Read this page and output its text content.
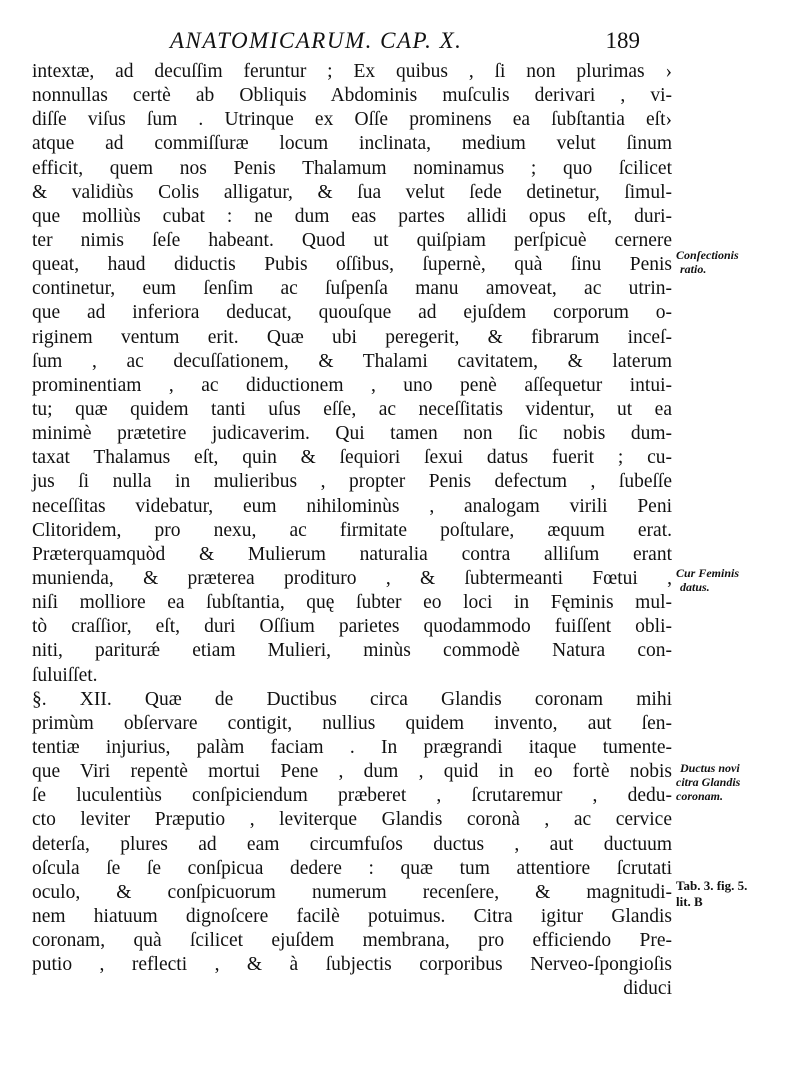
ANATOMICARUM. CAP. X.	189
intextæ, ad decuſſim feruntur ; Ex quibus , ſi non plurimas ›
nonnullas certè ab Obliquis Abdominis muſculis derivari , vi-
diſſe viſus ſum . Utrinque ex Oſſe prominens ea ſubſtantia eſt›
atque ad commiſſuræ locum inclinata, medium velut ſinum
efficit, quem nos Penis Thalamum nominamus ; quo ſcilicet
& validiùs Colis alligatur, & ſua velut ſede detinetur, ſimul-
que molliùs cubat : ne dum eas partes allidi opus eſt, duri-
ter nimis ſeſe habeant. Quod ut quiſpiam perſpicuè cernere
queat, haud diductis Pubis oſſibus, ſupernè, quà ſinu Penis
continetur, eum ſenſim ac ſuſpenſa manu amoveat, ac utrin-
que ad inferiora deducat, quouſque ad ejuſdem corporum o-
riginem ventum erit. Quæ ubi peregerit, & fibrarum inceſ-
ſum , ac decuſſationem, & Thalami cavitatem, & laterum
prominentiam , ac diductionem , uno penè aſſequetur intui-
tu; quæ quidem tanti uſus eſſe, ac neceſſitatis videntur, ut ea
minimè prætetire judicaverim. Qui tamen non ſic nobis dum-
taxat Thalamus eſt, quin & ſequiori ſexui datus fuerit ; cu-
jus ſi nulla in mulieribus , propter Penis defectum , ſubeſſe
neceſſitas videbatur, eum nihilominùs , analogam virili Peni
Clitoridem, pro nexu, ac firmitate poſtulare, æquum erat.
Præterquamquòd & Mulierum naturalia contra alliſum erant
munienda, & præterea prodituro , & ſubtermeanti Fœtui ,
niſi molliore ea ſubſtantia, quę ſubter eo loci in Fęminis mul-
tò craſſior, eſt, duri Oſſium parietes quodammodo fuiſſent obli-
niti, pariturǽ etiam Mulieri, minùs commodè Natura con-
ſuluiſſet.
§. XII. Quæ de Ductibus circa Glandis coronam mihi
primùm obſervare contigit, nullius quidem invento, aut ſen-
tentiæ injurius, palàm faciam . In prægrandi itaque tumente-
que Viri repentè mortui Pene , dum , quid in eo fortè nobis
ſe luculentiùs conſpiciendum præberet , ſcrutaremur , dedu-
cto leviter Præputio , leviterque Glandis coronà , ac cervice
deterſa, plures ad eam circumfuſos ductus , aut ductuum
oſcula ſe ſe conſpicua dedere : quæ tum attentiore ſcrutati
oculo, & conſpicuorum numerum recenſere, & magnitudi-
nem hiatuum dignoſcere facilè potuimus. Citra igitur Glandis
coronam, quà ſcilicet ejuſdem membrana, pro efficiendo Pre-
putio , reflecti , & à ſubjectis corporibus Nerveo-ſpongioſis
diduci
Conſectionis
ratio.
Cur Feminis
datus.
Ductus novi
citra Glandis
coronam.
Tab. 3. fig. 5.
lit. B
